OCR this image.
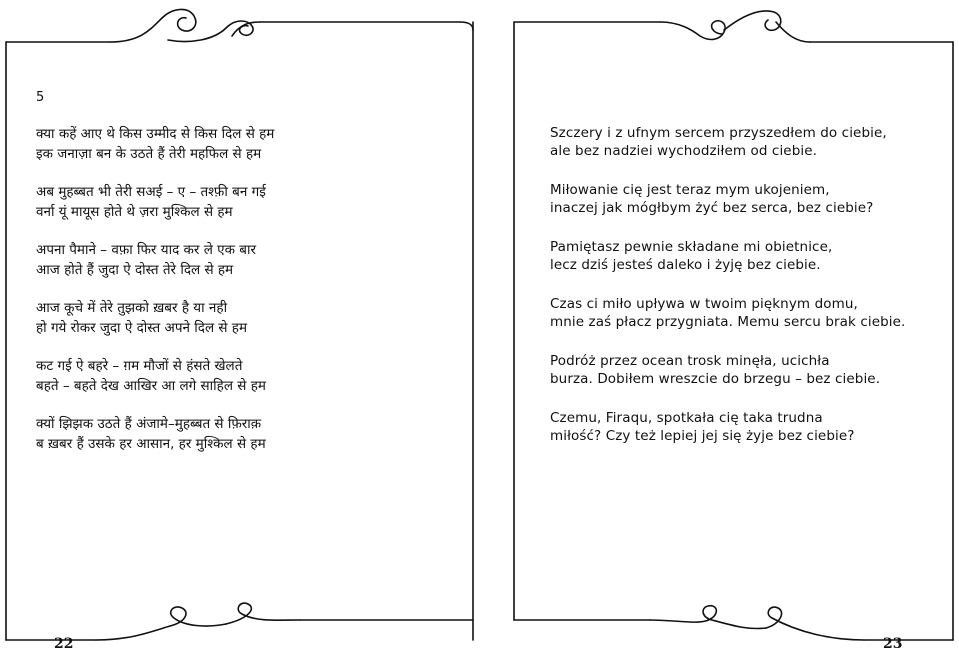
5
क्या कहें आए थे किस उम्मीद से किस दिल से हम
इक जनाज़ा बन के उठते हैं तेरी महफिल से हम
अब मुहब्बत भी तेरी सअई – ए – तश्फ़ी बन गई
वर्ना यूं मायूस होते थे ज़रा मुश्किल से हम
अपना पैमाने – वफ़ा फिर याद कर ले एक बार
आज होते हैं जुदा ऐ दोस्त तेरे दिल से हम
आज कूचे में तेरे तुझको ख़बर है या नही
हो गये रोकर जुदा ऐ दोस्त अपने दिल से हम
कट गई ऐ बहरे – ग़म मौजों से हंसते खेलते
बहते – बहते देख आखिर आ लगे साहिल से हम
क्यों झिझक उठते हैं अंजामे–मुहब्बत से फ़िराक़
ब ख़बर हैं उसके हर आसान, हर मुश्किल से हम
22
Szczery i z ufnym sercem przyszedłem do ciebie,
ale bez nadziei wychodziłem od ciebie.
Miłowanie cię jest teraz mym ukojeniem,
inaczej jak mógłbym żyć bez serca, bez ciebie?
Pamiętasz pewnie składane mi obietnice,
lecz dziś jesteś daleko i żyję bez ciebie.
Czas ci miło upływa w twoim pięknym domu,
mnie zaś płacz przygniata. Memu sercu brak ciebie.
Podróż przez ocean trosk minęła, ucichła
burza. Dobiłem wreszcie do brzegu – bez ciebie.
Czemu, Firaqu, spotkała cię taka trudna
miłość? Czy też lepiej jej się żyje bez ciebie?
23
